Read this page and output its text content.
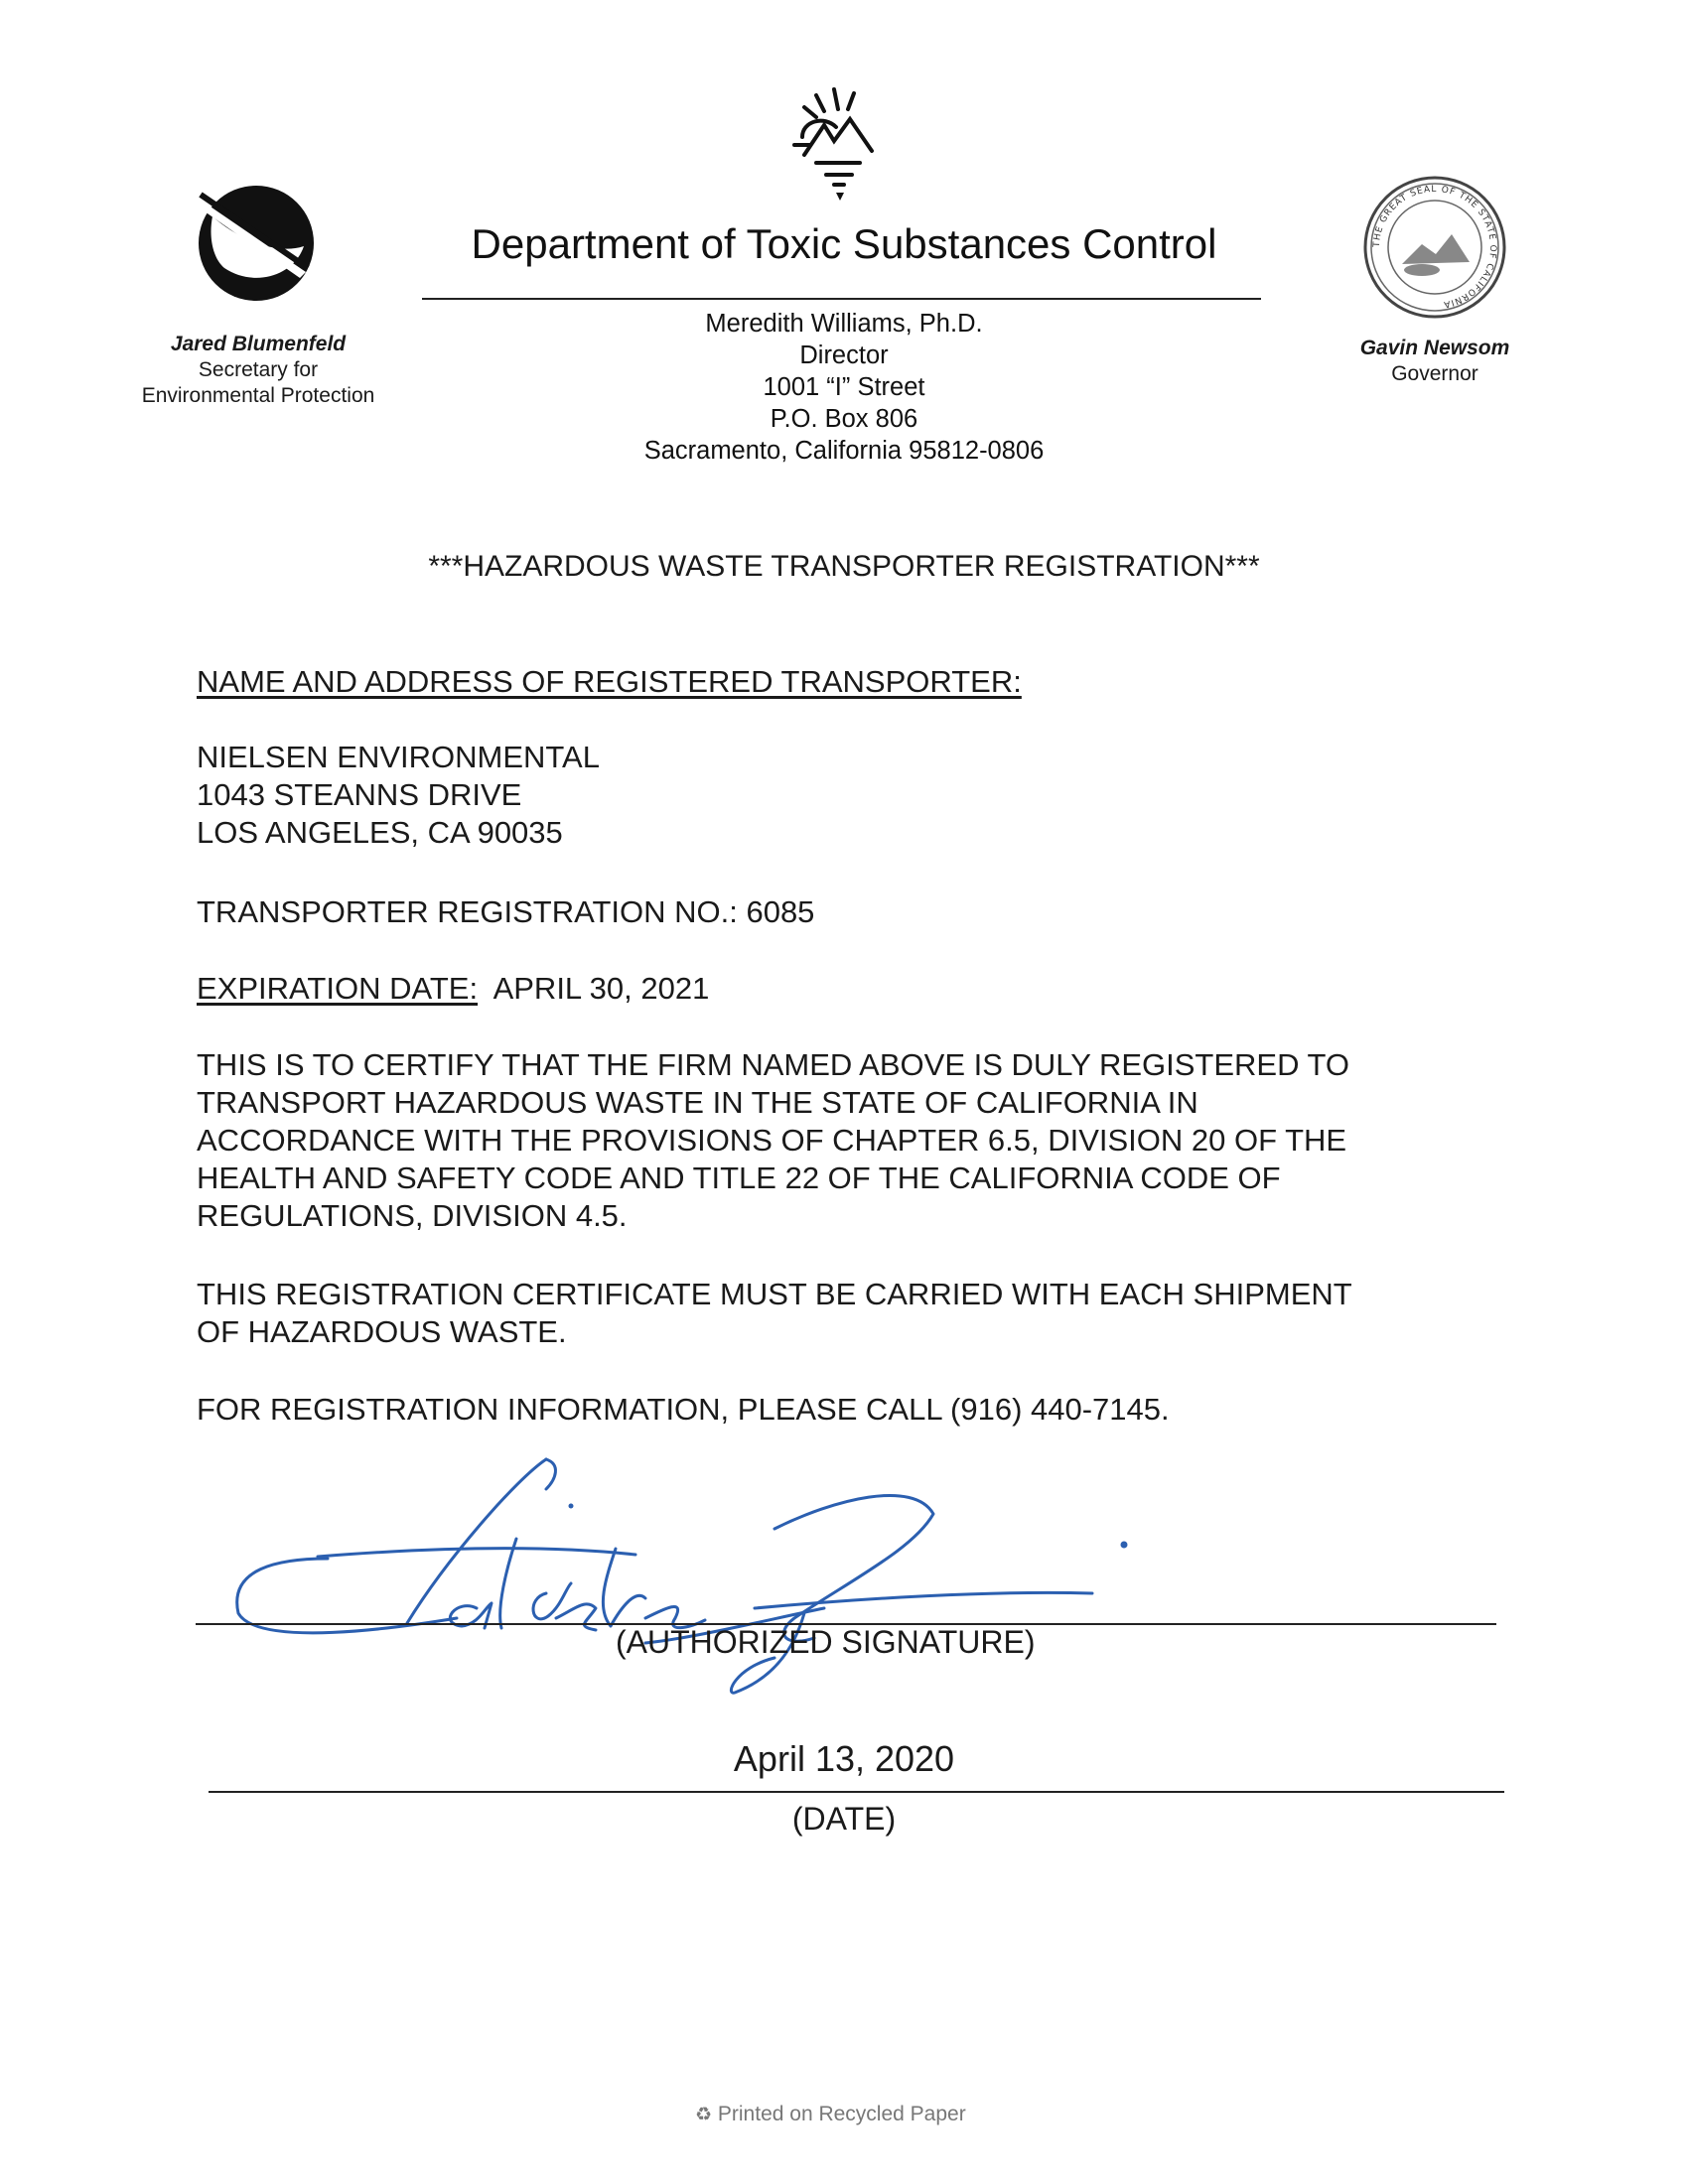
Department of Toxic Substances Control
Meredith Williams, Ph.D.
Director
1001 “I” Street
P.O. Box 806
Sacramento, California 95812-0806
Jared Blumenfeld
Secretary for
Environmental Protection
THE GREAT SEAL OF THE STATE OF CALIFORNIA
Gavin Newsom
Governor
***HAZARDOUS WASTE TRANSPORTER REGISTRATION***
NAME AND ADDRESS OF REGISTERED TRANSPORTER:
NIELSEN ENVIRONMENTAL
1043 STEANNS DRIVE
LOS ANGELES, CA 90035
TRANSPORTER REGISTRATION NO.: 6085
EXPIRATION DATE: APRIL 30, 2021
THIS IS TO CERTIFY THAT THE FIRM NAMED ABOVE IS DULY REGISTERED TO
TRANSPORT HAZARDOUS WASTE IN THE STATE OF CALIFORNIA IN
ACCORDANCE WITH THE PROVISIONS OF CHAPTER 6.5, DIVISION 20 OF THE
HEALTH AND SAFETY CODE AND TITLE 22 OF THE CALIFORNIA CODE OF
REGULATIONS, DIVISION 4.5.
THIS REGISTRATION CERTIFICATE MUST BE CARRIED WITH EACH SHIPMENT
OF HAZARDOUS WASTE.
FOR REGISTRATION INFORMATION, PLEASE CALL (916) 440-7145.
(AUTHORIZED SIGNATURE)
April 13, 2020
(DATE)
♻ Printed on Recycled Paper
